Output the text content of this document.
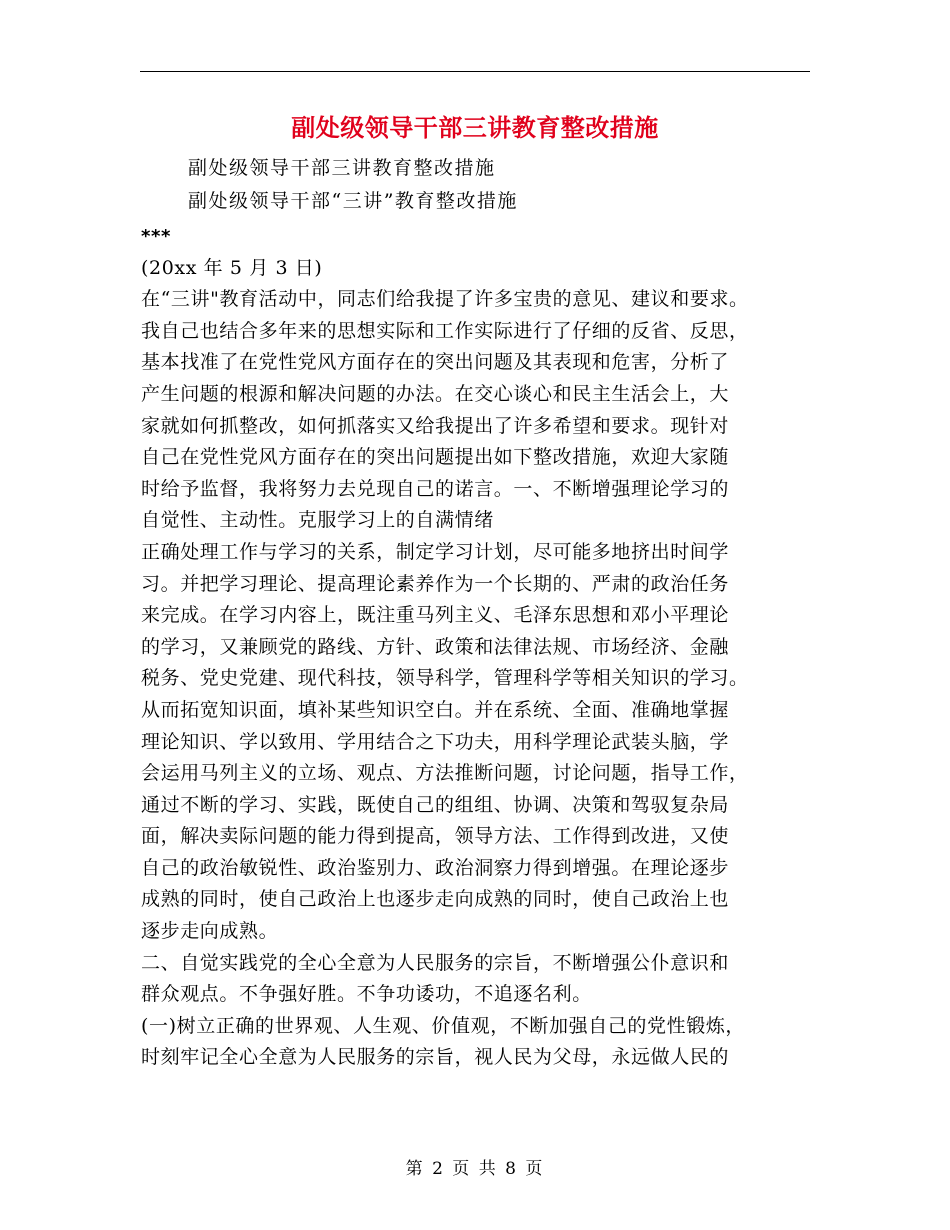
副处级领导干部三讲教育整改措施
副处级领导干部三讲教育整改措施
副处级领导干部“三讲”教育整改措施
***
(20xx 年 5 月 3 日)
在“三讲"教育活动中，同志们给我提了许多宝贵的意见、建议和要求。
我自己也结合多年来的思想实际和工作实际进行了仔细的反省、反思，
基本找准了在党性党风方面存在的突出问题及其表现和危害，分析了
产生问题的根源和解决问题的办法。在交心谈心和民主生活会上，大
家就如何抓整改，如何抓落实又给我提出了许多希望和要求。现针对
自己在党性党风方面存在的突出问题提出如下整改措施，欢迎大家随
时给予监督，我将努力去兑现自己的诺言。一、不断增强理论学习的
自觉性、主动性。克服学习上的自满情绪
正确处理工作与学习的关系，制定学习计划，尽可能多地挤出时间学
习。并把学习理论、提高理论素养作为一个长期的、严肃的政治任务
来完成。在学习内容上，既注重马列主义、毛泽东思想和邓小平理论
的学习，又兼顾党的路线、方针、政策和法律法规、市场经济、金融
税务、党史党建、现代科技，领导科学，管理科学等相关知识的学习。
从而拓宽知识面，填补某些知识空白。并在系统、全面、准确地掌握
理论知识、学以致用、学用结合之下功夫，用科学理论武装头脑，学
会运用马列主义的立场、观点、方法推断问题，讨论问题，指导工作，
通过不断的学习、实践，既使自己的组组、协调、决策和驾驭复杂局
面，解决卖际问题的能力得到提高，领导方法、工作得到改进，又使
自己的政治敏锐性、政治鉴别力、政治洞察力得到增强。在理论逐步
成熟的同时，使自己政治上也逐步走向成熟的同时，使自己政治上也
逐步走向成熟。
二、自觉实践党的全心全意为人民服务的宗旨，不断增强公仆意识和
群众观点。不争强好胜。不争功诿功，不追逐名利。
(一)树立正确的世界观、人生观、价值观，不断加强自己的党性锻炼，
时刻牢记全心全意为人民服务的宗旨，视人民为父母，永远做人民的
第 2 页 共 8 页
